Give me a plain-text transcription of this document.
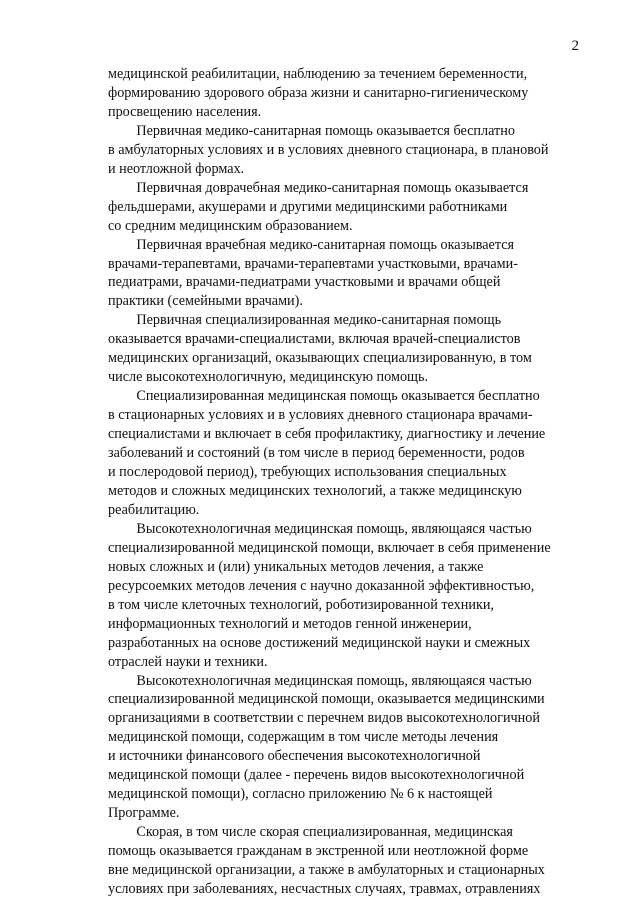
2
медицинской реабилитации, наблюдению за течением беременности,
формированию здорового образа жизни и санитарно-гигиеническому
просвещению населения.
Первичная медико-санитарная помощь оказывается бесплатно
в амбулаторных условиях и в условиях дневного стационара, в плановой
и неотложной формах.
Первичная доврачебная медико-санитарная помощь оказывается
фельдшерами, акушерами и другими медицинскими работниками
со средним медицинским образованием.
Первичная врачебная медико-санитарная помощь оказывается
врачами-терапевтами, врачами-терапевтами участковыми, врачами-
педиатрами, врачами-педиатрами участковыми и врачами общей
практики (семейными врачами).
Первичная специализированная медико-санитарная помощь
оказывается врачами-специалистами, включая врачей-специалистов
медицинских организаций, оказывающих специализированную, в том
числе высокотехнологичную, медицинскую помощь.
Специализированная медицинская помощь оказывается бесплатно
в стационарных условиях и в условиях дневного стационара врачами-
специалистами и включает в себя профилактику, диагностику и лечение
заболеваний и состояний (в том числе в период беременности, родов
и послеродовой период), требующих использования специальных
методов и сложных медицинских технологий, а также медицинскую
реабилитацию.
Высокотехнологичная медицинская помощь, являющаяся частью
специализированной медицинской помощи, включает в себя применение
новых сложных и (или) уникальных методов лечения, а также
ресурсоемких методов лечения с научно доказанной эффективностью,
в том числе клеточных технологий, роботизированной техники,
информационных технологий и методов генной инженерии,
разработанных на основе достижений медицинской науки и смежных
отраслей науки и техники.
Высокотехнологичная медицинская помощь, являющаяся частью
специализированной медицинской помощи, оказывается медицинскими
организациями в соответствии с перечнем видов высокотехнологичной
медицинской помощи, содержащим в том числе методы лечения
и источники финансового обеспечения высокотехнологичной
медицинской помощи (далее - перечень видов высокотехнологичной
медицинской помощи), согласно приложению № 6 к настоящей
Программе.
Скорая, в том числе скорая специализированная, медицинская
помощь оказывается гражданам в экстренной или неотложной форме
вне медицинской организации, а также в амбулаторных и стационарных
условиях при заболеваниях, несчастных случаях, травмах, отравлениях
